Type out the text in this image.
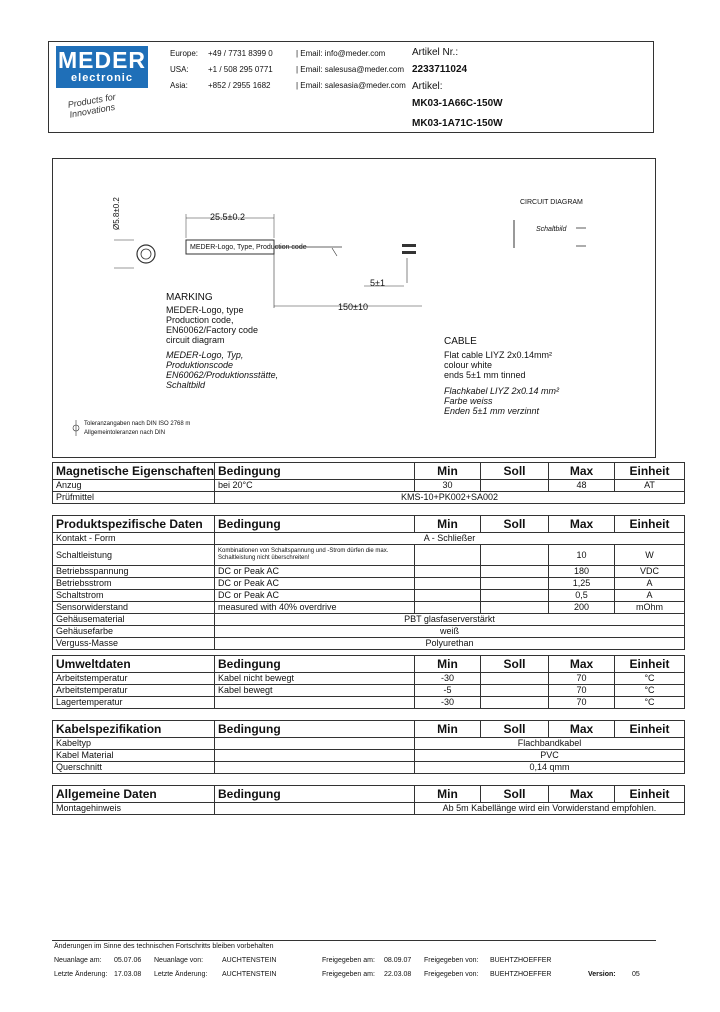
MEDER
electronic
Products for Innovations
Europe:	+49 / 7731 8399 0	| Email: info@meder.com
USA:	+1 / 508 295 0771	| Email: salesusa@meder.com
Asia:	+852 / 2955 1682	| Email: salesasia@meder.com
Artikel Nr.:
2233711024
Artikel:
MK03-1A66C-150W
MK03-1A71C-150W
Ø5.8±0.2	25.5±0.2
MEDER-Logo, Type, Production code
150±10
5±1
CIRCUIT DIAGRAM
Schaltbild
MARKING
MEDER-Logo, type
Production code,
EN60062/Factory code
circuit diagram
MEDER-Logo, Typ,
Produktionscode
EN60062/Produktionsstätte,
Schaltbild
CABLE
Flat cable LIYZ 2x0.14mm²
colour white
ends 5±1 mm tinned
Flachkabel LIYZ 2x0.14 mm²
Farbe weiss
Enden 5±1 mm verzinnt
Toleranzangaben nach DIN ISO 2768 m
Allgemeintoleranzen nach DIN
Magnetische Eigenschaften	Bedingung	Min	Soll	Max	Einheit
Anzug	bei 20°C	30		48	AT
Prüfmittel	KMS-10+PK002+SA002				
Produktspezifische Daten	Bedingung	Min	Soll	Max	Einheit
Kontakt - Form	A - Schließer				
Schaltleistung	Kombinationen von Schaltspannung und -Strom dürfen die max. Schaltleistung nicht überschreiten!			10	W
Betriebsspannung	DC or Peak AC			180	VDC
Betriebsstrom	DC or Peak AC			1,25	A
Schaltstrom	DC or Peak AC			0,5	A
Sensorwiderstand	measured with 40% overdrive			200	mOhm
Gehäusematerial	PBT glasfaserverstärkt				
Gehäusefarbe	weiß				
Verguss-Masse	Polyurethan				
Umweltdaten	Bedingung	Min	Soll	Max	Einheit
Arbeitstemperatur	Kabel nicht bewegt	-30		70	°C
Arbeitstemperatur	Kabel bewegt	-5		70	°C
Lagertemperatur		-30		70	°C
Kabelspezifikation	Bedingung	Min	Soll	Max	Einheit
Kabeltyp		Flachbandkabel			
Kabel Material		PVC			
Querschnitt		0,14 qmm			
Allgemeine Daten	Bedingung	Min	Soll	Max	Einheit
Montagehinweis		Ab 5m Kabellänge wird ein Vorwiderstand empfohlen.			
Änderungen im Sinne des technischen Fortschritts bleiben vorbehalten
Neuanlage am: 05.07.06 Neuanlage von:	AUCHTENSTEIN	Freigegeben am: 08.09.07 Freigegeben von: BUEHTZHOEFFER
Letzte Änderung: 17.03.08 Letzte Änderung: AUCHTENSTEIN	Freigegeben am: 22.03.08 Freigegeben von: BUEHTZHOEFFER	Version: 05
